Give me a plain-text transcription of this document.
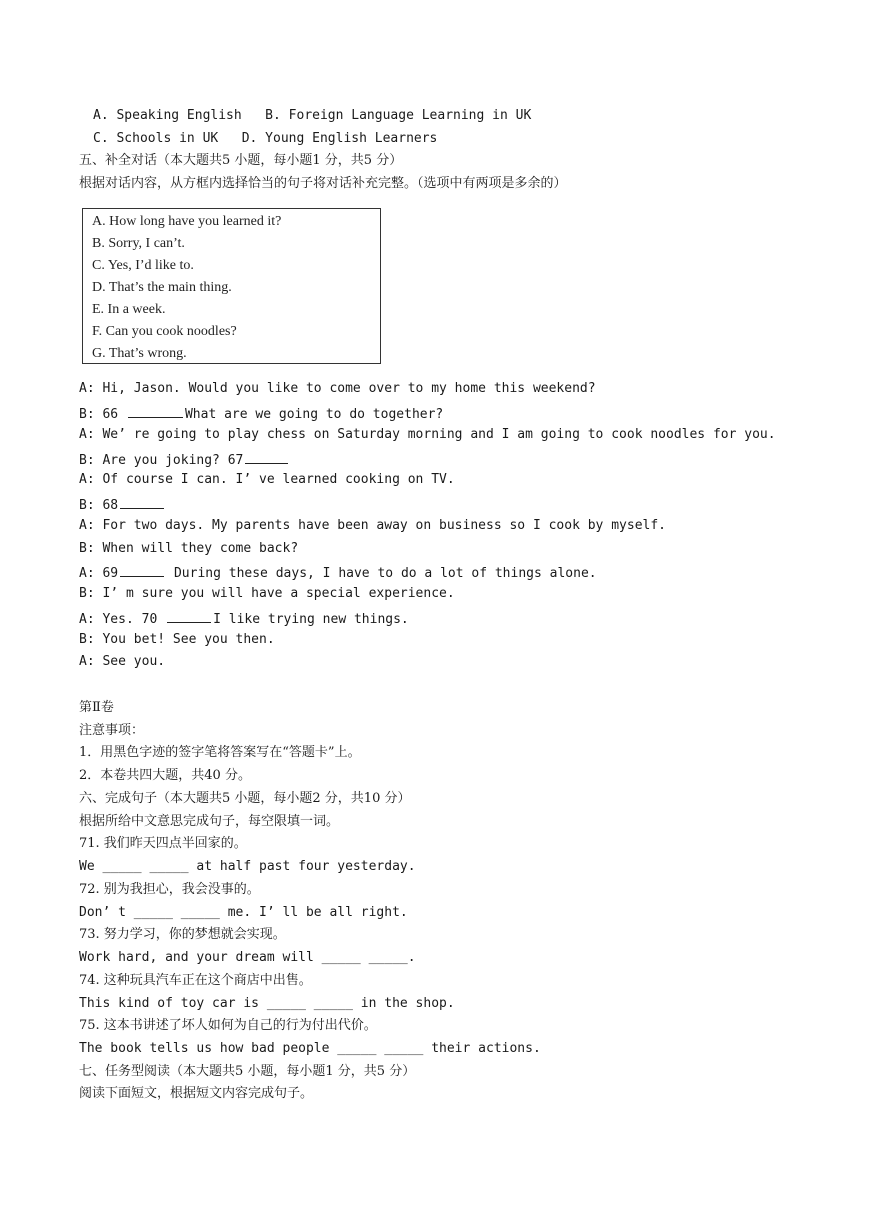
A. Speaking English   B. Foreign Language Learning in UK
C. Schools in UK   D. Young English Learners
五、补全对话（本大题共5 小题，每小题1 分，共5 分）
根据对话内容，从方框内选择恰当的句子将对话补充完整。（选项中有两项是多余的）
A. How long have you learned it?
B. Sorry, I can’t.
C. Yes, I’d like to.
D. That’s the main thing.
E. In a week.
F. Can you cook noodles?
G. That’s wrong.
A: Hi, Jason. Would you like to come over to my home this weekend?
B: 66	What are we going to do together?
A: We’ re going to play chess on Saturday morning and I am going to cook noodles for you.
B: Are you joking? 67
A: Of course I can. I’ ve learned cooking on TV.
B: 68
A: For two days. My parents have been away on business so I cook by myself.
B: When will they come back?
A: 69	During these days, I have to do a lot of things alone.
B: I’ m sure you will have a special experience.
A: Yes. 70	I like trying new things.
B: You bet! See you then.
A: See you.
第Ⅱ卷
注意事项：
1．用黑色字迹的签字笔将答案写在“答题卡”上。
2．本卷共四大题，共40 分。
六、完成句子（本大题共5 小题，每小题2 分，共10 分）
根据所给中文意思完成句子，每空限填一词。
71. 我们昨天四点半回家的。
We _____ _____ at half past four yesterday.
72. 别为我担心，我会没事的。
Don’ t _____ _____ me. I’ ll be all right.
73. 努力学习，你的梦想就会实现。
Work hard, and your dream will _____ _____.
74. 这种玩具汽车正在这个商店中出售。
This kind of toy car is _____ _____ in the shop.
75. 这本书讲述了坏人如何为自己的行为付出代价。
The book tells us how bad people _____ _____ their actions.
七、任务型阅读（本大题共5 小题，每小题1 分，共5 分）
阅读下面短文，根据短文内容完成句子。
